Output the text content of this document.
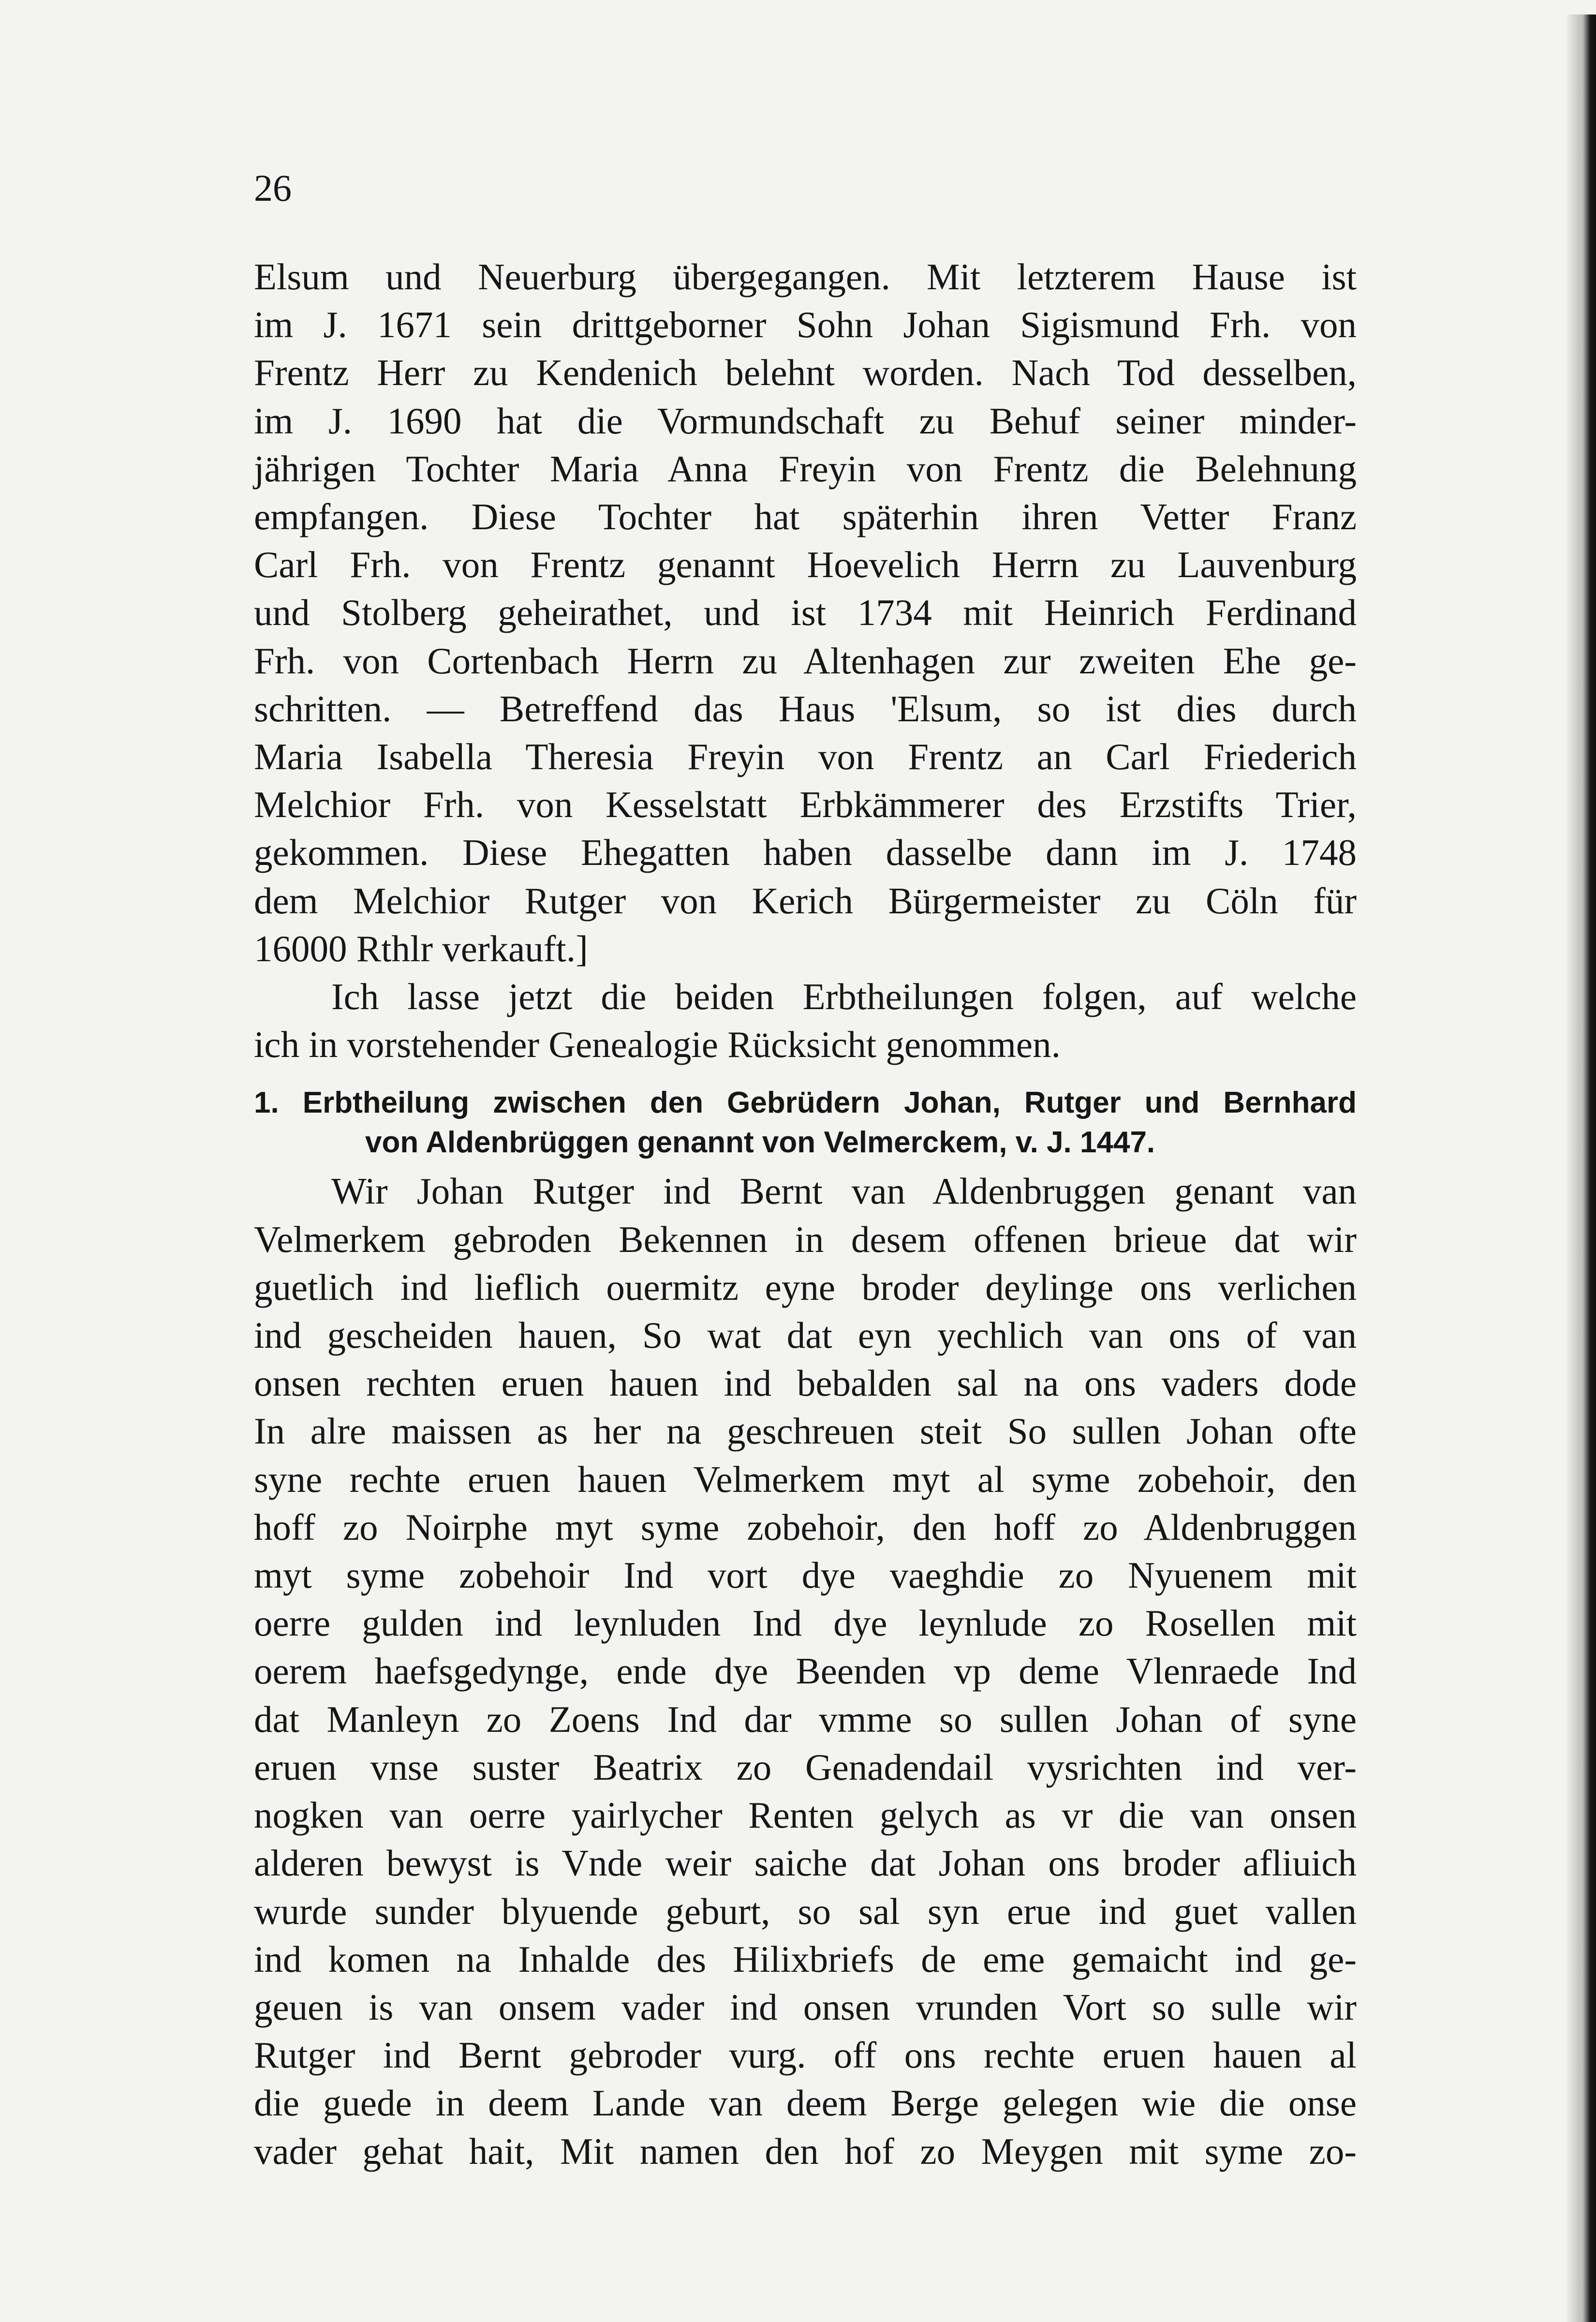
26

Elsum und Neuerburg übergegangen. Mit letzterem Hause ist
im J. 1671 sein drittgeborner Sohn Johan Sigismund Frh. von
Frentz Herr zu Kendenich belehnt worden. Nach Tod desselben,
im J. 1690 hat die Vormundschaft zu Behuf seiner minder-
jährigen Tochter Maria Anna Freyin von Frentz die Belehnung
empfangen. Diese Tochter hat späterhin ihren Vetter Franz
Carl Frh. von Frentz genannt Hoevelich Herrn zu Lauvenburg
und Stolberg geheirathet, und ist 1734 mit Heinrich Ferdinand
Frh. von Cortenbach Herrn zu Altenhagen zur zweiten Ehe ge-
schritten. — Betreffend das Haus 'Elsum, so ist dies durch
Maria Isabella Theresia Freyin von Frentz an Carl Friederich
Melchior Frh. von Kesselstatt Erbkämmerer des Erzstifts Trier,
gekommen. Diese Ehegatten haben dasselbe dann im J. 1748
dem Melchior Rutger von Kerich Bürgermeister zu Cöln für
16000 Rthlr verkauft.]

Ich lasse jetzt die beiden Erbtheilungen folgen, auf welche
ich in vorstehender Genealogie Rücksicht genommen.

1. Erbtheilung zwischen den Gebrüdern Johan, Rutger und Bernhard
von Aldenbrüggen genannt von Velmerckem, v. J. 1447.

Wir Johan Rutger ind Bernt van Aldenbruggen genant van
Velmerkem gebroden Bekennen in desem offenen brieue dat wir
guetlich ind lieflich ouermitz eyne broder deylinge ons verlichen
ind gescheiden hauen, So wat dat eyn yechlich van ons of van
onsen rechten eruen hauen ind bebalden sal na ons vaders dode
In alre maissen as her na geschreuen steit So sullen Johan ofte
syne rechte eruen hauen Velmerkem myt al syme zobehoir, den
hoff zo Noirphe myt syme zobehoir, den hoff zo Aldenbruggen
myt syme zobehoir Ind vort dye vaeghdie zo Nyuenem mit
oerre gulden ind leynluden Ind dye leynlude zo Rosellen mit
oerem haefsgedynge, ende dye Beenden vp deme Vlenraede Ind
dat Manleyn zo Zoens Ind dar vmme so sullen Johan of syne
eruen vnse suster Beatrix zo Genadendail vysrichten ind ver-
nogken van oerre yairlycher Renten gelych as vr die van onsen
alderen bewyst is Vnde weir saiche dat Johan ons broder afliuich
wurde sunder blyuende geburt, so sal syn erue ind guet vallen
ind komen na Inhalde des Hilixbriefs de eme gemaicht ind ge-
geuen is van onsem vader ind onsen vrunden Vort so sulle wir
Rutger ind Bernt gebroder vurg. off ons rechte eruen hauen al
die guede in deem Lande van deem Berge gelegen wie die onse
vader gehat hait, Mit namen den hof zo Meygen mit syme zo-
